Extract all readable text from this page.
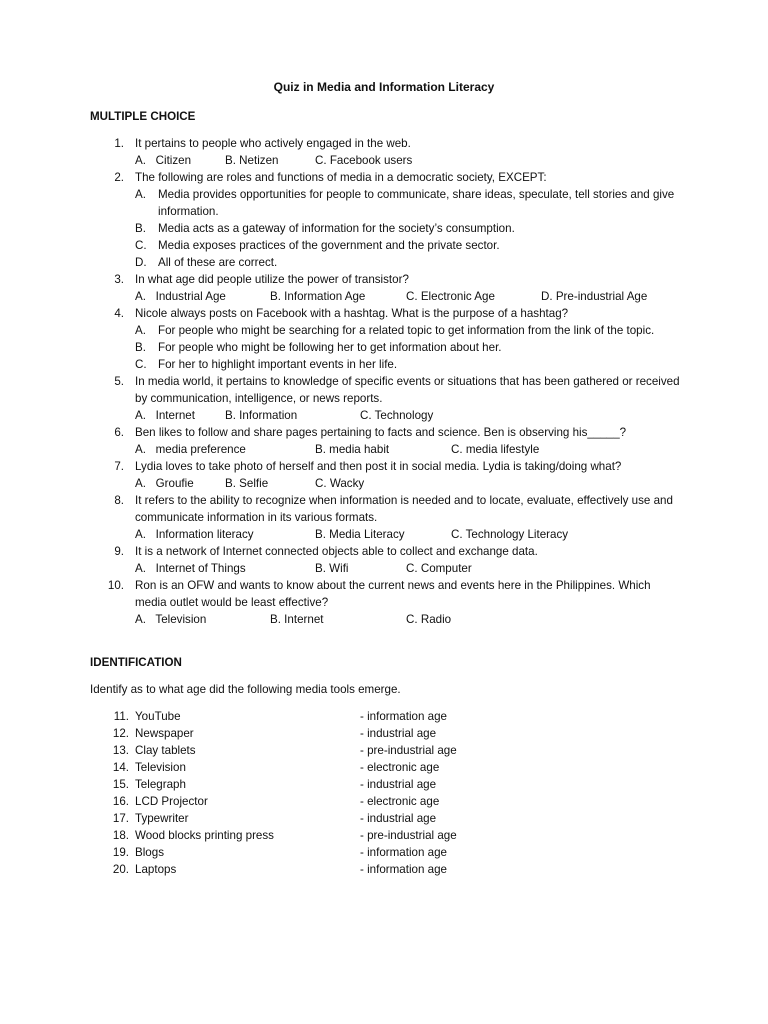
Quiz in Media and Information Literacy
MULTIPLE CHOICE
1. It pertains to people who actively engaged in the web.
A.   Citizen	B. Netizen	C. Facebook users
2. The following are roles and functions of media in a democratic society, EXCEPT:
A. Media provides opportunities for people to communicate, share ideas, speculate, tell stories and give information.
B. Media acts as a gateway of information for the society’s consumption.
C. Media exposes practices of the government and the private sector.
D. All of these are correct.
3. In what age did people utilize the power of transistor?
A.   Industrial Age	B. Information Age	C. Electronic Age	D. Pre-industrial Age
4. Nicole always posts on Facebook with a hashtag. What is the purpose of a hashtag?
A. For people who might be searching for a related topic to get information from the link of the topic.
B. For people who might be following her to get information about her.
C. For her to highlight important events in her life.
5. In media world, it pertains to knowledge of specific events or situations that has been gathered or received by communication, intelligence, or news reports.
A.   Internet	B. Information	C. Technology
6. Ben likes to follow and share pages pertaining to facts and science. Ben is observing his_____?
A.   media preference	B. media habit	C. media lifestyle
7. Lydia loves to take photo of herself and then post it in social media. Lydia is taking/doing what?
A.   Groufie	B. Selfie	C. Wacky
8. It refers to the ability to recognize when information is needed and to locate, evaluate, effectively use and communicate information in its various formats.
A.   Information literacy	B. Media Literacy	C. Technology Literacy
9. It is a network of Internet connected objects able to collect and exchange data.
A.   Internet of Things	B. Wifi	C. Computer
10. Ron is an OFW and wants to know about the current news and events here in the Philippines. Which media outlet would be least effective?
A.   Television	B. Internet	C. Radio
IDENTIFICATION
Identify as to what age did the following media tools emerge.
11. YouTube	- information age
12. Newspaper	- industrial age
13. Clay tablets	- pre-industrial age
14. Television	- electronic age
15. Telegraph	- industrial age
16. LCD Projector	- electronic age
17. Typewriter	- industrial age
18. Wood blocks printing press	- pre-industrial age
19. Blogs	- information age
20. Laptops	- information age
